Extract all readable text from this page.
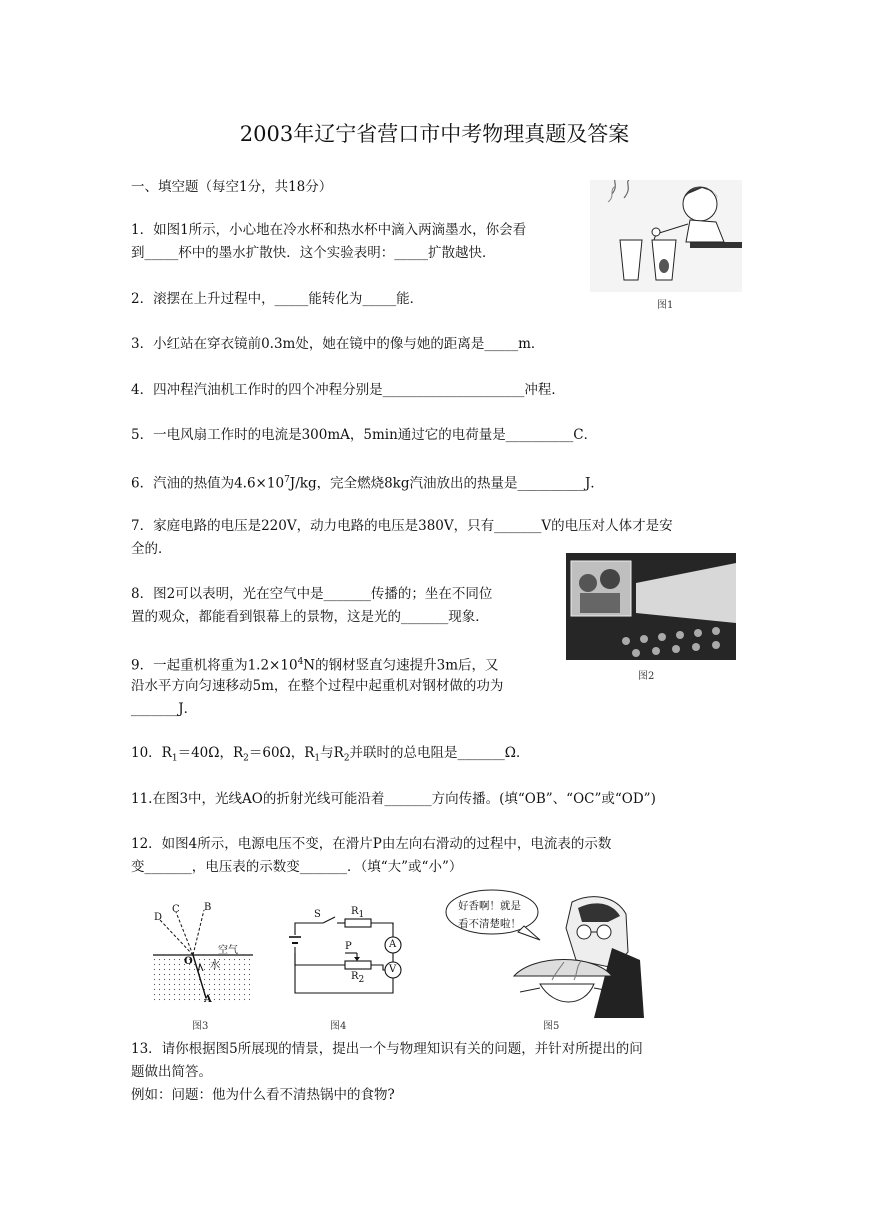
2003年辽宁省营口市中考物理真题及答案
一、填空题（每空1分，共18分）
1．如图1所示，小心地在冷水杯和热水杯中滴入两滴墨水，你会看
到_____杯中的墨水扩散快．这个实验表明：_____扩散越快．
2．滚摆在上升过程中，_____能转化为_____能．
3．小红站在穿衣镜前0.3m处，她在镜中的像与她的距离是_____m．
4．四冲程汽油机工作时的四个冲程分别是_____________________冲程．
5．一电风扇工作时的电流是300mA，5min通过它的电荷量是__________C．
6．汽油的热值为$4.6\times 10^7J/kg$，完全燃烧8kg汽油放出的热量是__________J．
7．家庭电路的电压是220V，动力电路的电压是380V，只有_______V的电压对人体才是安
全的．
8．图2可以表明，光在空气中是_______传播的；坐在不同位
置的观众，都能看到银幕上的景物，这是光的_______现象．
9．一起重机将重为$1.2\times 10^4N$的钢材竖直匀速提升3m后，又
沿水平方向匀速移动5m，在整个过程中起重机对钢材做的功为
_______J．
10．$R_1=40\Omega$，$R_2=60\Omega$，$R_1$与$R_2$并联时的总电阻是_______Ω．
11.在图3中，光线AO的折射光线可能沿着_______方向传播。(填“OB”、“OC”或“OD”)
12．如图4所示，电源电压不变，在滑片P由左向右滑动的过程中，电流表的示数
变_______，电压表的示数变_______．（填“大”或“小”）
13．请你根据图5所展现的情景，提出一个与物理知识有关的问题，并针对所提出的问
题做出简答。
例如：问题：他为什么看不清热锅中的食物?
图1
图2
D
C B
O
A
空气
水
图3
S	R1
P
R2
A
V
图4
好香啊！就是
看不清楚啦！
图5
